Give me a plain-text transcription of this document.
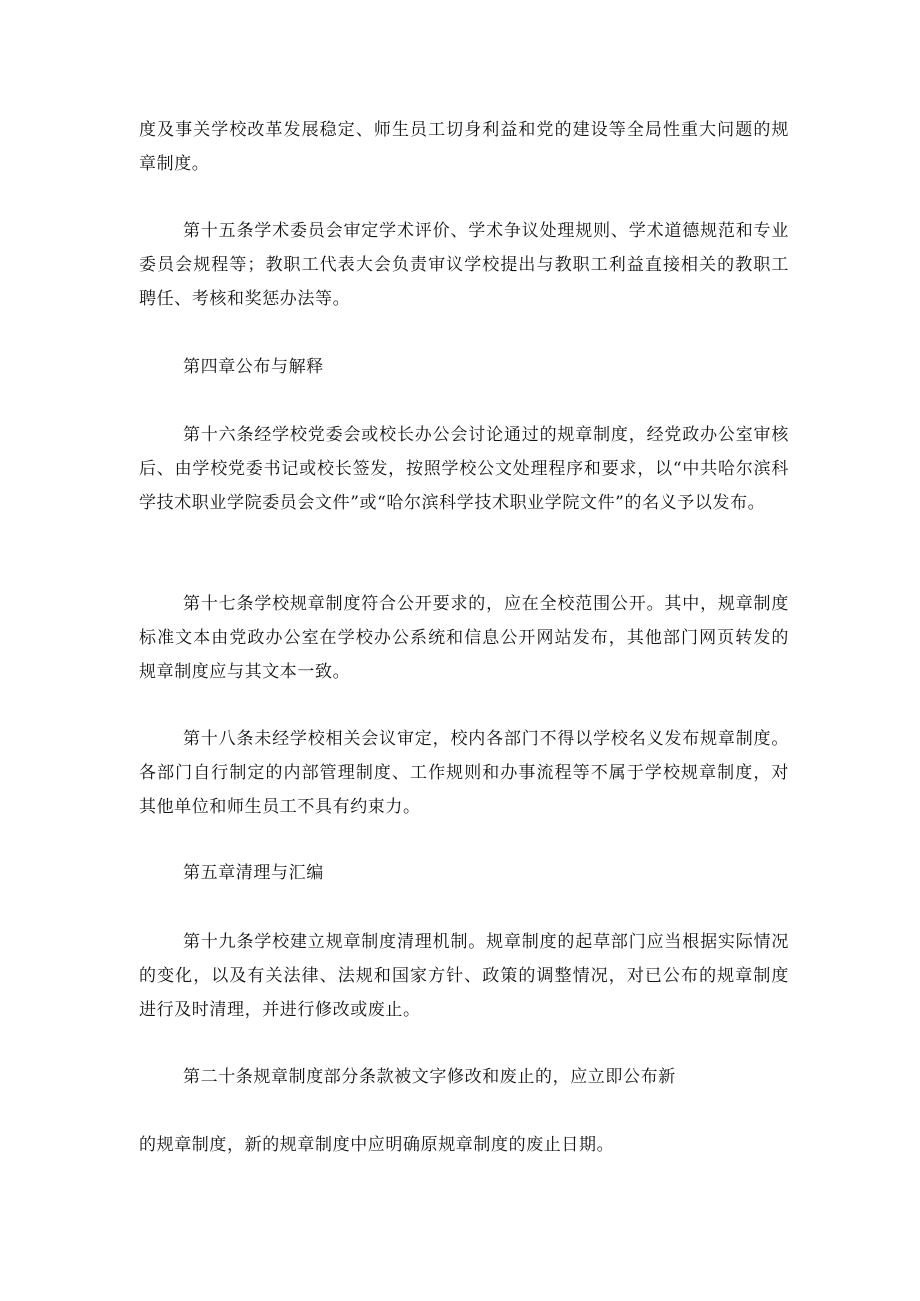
度及事关学校改革发展稳定、师生员工切身利益和党的建设等全局性重大问题的规章制度。

第十五条学术委员会审定学术评价、学术争议处理规则、学术道德规范和专业委员会规程等；教职工代表大会负责审议学校提出与教职工利益直接相关的教职工聘任、考核和奖惩办法等。

第四章公布与解释

第十六条经学校党委会或校长办公会讨论通过的规章制度，经党政办公室审核后、由学校党委书记或校长签发，按照学校公文处理程序和要求，以“中共哈尔滨科学技术职业学院委员会文件”或“哈尔滨科学技术职业学院文件”的名义予以发布。

第十七条学校规章制度符合公开要求的，应在全校范围公开。其中，规章制度标准文本由党政办公室在学校办公系统和信息公开网站发布，其他部门网页转发的规章制度应与其文本一致。

第十八条未经学校相关会议审定，校内各部门不得以学校名义发布规章制度。各部门自行制定的内部管理制度、工作规则和办事流程等不属于学校规章制度，对其他单位和师生员工不具有约束力。

第五章清理与汇编

第十九条学校建立规章制度清理机制。规章制度的起草部门应当根据实际情况的变化，以及有关法律、法规和国家方针、政策的调整情况，对已公布的规章制度进行及时清理，并进行修改或废止。

第二十条规章制度部分条款被文字修改和废止的，应立即公布新

的规章制度，新的规章制度中应明确原规章制度的废止日期。
